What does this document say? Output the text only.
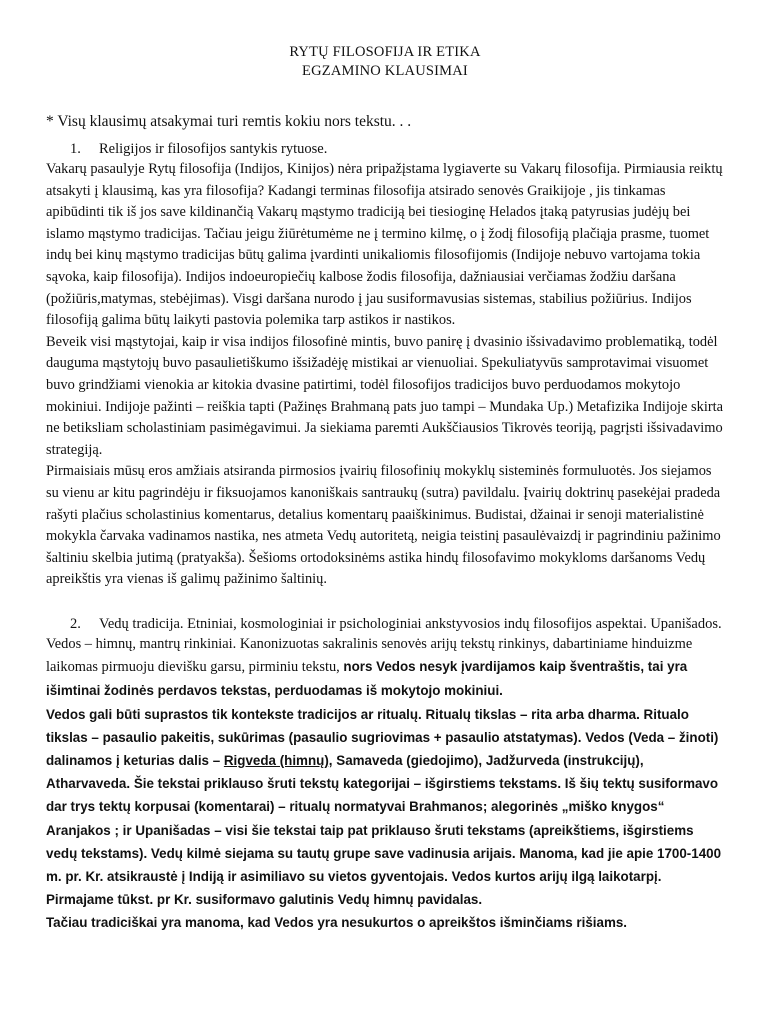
RYTŲ FILOSOFIJA IR ETIKA
EGZAMINO KLAUSIMAI
* Visų klausimų atsakymai turi remtis kokiu nors tekstu. . .
1. Religijos ir filosofijos santykis rytuose.

Vakarų pasaulyje Rytų filosofija (Indijos, Kinijos) nėra pripažįstama lygiaverte su Vakarų filosofija. Pirmiausia reiktų atsakyti į klausimą, kas yra filosofija? Kadangi terminas filosofija atsirado senovės Graikijoje , jis tinkamas apibūdinti tik iš jos save kildinančią Vakarų mąstymo tradiciją bei tiesioginę Helados įtaką patyrusias judėjų bei islamo mąstymo tradicijas. Tačiau jeigu žiūrėtumėme ne į termino kilmę, o į žodį filosofiją plačiąja prasme, tuomet indų bei kinų mąstymo tradicijas būtų galima įvardinti unikaliomis filosofijomis (Indijoje nebuvo vartojama tokia sąvoka, kaip filosofija). Indijos indoeuropiečių kalbose žodis filosofija, dažniausiai verčiamas žodžiu daršana (požiūris,matymas, stebėjimas). Visgi daršana nurodo į jau susiformavusias sistemas, stabilius požiūrius. Indijos filosofiją galima būtų laikyti pastovia polemika tarp astikos ir nastikos.

Beveik visi mąstytojai, kaip ir visa indijos filosofinė mintis, buvo panirę į dvasinio išsivadavimo problematiką, todėl dauguma mąstytojų buvo pasaulietiškumo išsižadėję mistikai ar vienuoliai. Spekuliatyvūs samprotavimai visuomet buvo grindžiami vienokia ar kitokia dvasine patirtimi, todėl filosofijos tradicijos buvo perduodamos mokytojo mokiniui. Indijoje pažinti – reiškia tapti (Pažinęs Brahmaną pats juo tampi – Mundaka Up.) Metafizika Indijoje skirta ne betiksliam scholastiniam pasimėgavimui. Ja siekiama paremti Aukščiausios Tikrovės teoriją, pagrįsti išsivadavimo strategiją.

Pirmaisiais mūsų eros amžiais atsiranda pirmosios įvairių filosofinių mokyklų sisteminės formuluotės. Jos siejamos su vienu ar kitu pagrindėju ir fiksuojamos kanoniškais santraukų (sutra) pavildalu. Įvairių doktrinų pasekėjai pradeda rašyti plačius scholastinius komentarus, detalius komentarų paaiškinimus. Budistai, džainai ir senoji materialistinė mokykla čarvaka vadinamos nastika, nes atmeta Vedų autoritetą, neigia teistinį pasaulėvaizdį ir pagrindiniu pažinimo šaltiniu skelbia jutimą (pratyakša). Šešioms ortodoksinėms astika hindų filosofavimo mokykloms daršanoms Vedų apreikštis yra vienas iš galimų pažinimo šaltinių.

2. Vedų tradicija. Etniniai, kosmologiniai ir psichologiniai ankstyvosios indų filosofijos aspektai. Upanišados.

Vedos – himnų, mantrų rinkiniai. Kanonizuotas sakralinis senovės arijų tekstų rinkinys, dabartiniame hinduizme laikomas pirmuoju dievišku garsu, pirminiu tekstu, nors Vedos nesyk įvardijamos kaip šventraštis, tai yra išimtinai žodinės perdavos tekstas, perduodamas iš mokytojo mokiniui.

Vedos gali būti suprastos tik kontekste tradicijos ar ritualų. Ritualų tikslas – rita arba dharma. Ritualo tikslas – pasaulio pakeitis, sukūrimas (pasaulio sugriovimas + pasaulio atstatymas). Vedos (Veda – žinoti) dalinamos į keturias dalis – Rigveda (himnų), Samaveda (giedojimo), Jadžurveda (instrukcijų), Atharvaveda. Šie tekstai priklauso šruti tekstų kategorijai – išgirstiems tekstams. Iš šių tektų susiformavo dar trys tektų korpusai (komentarai) – ritualų normatyvai Brahmanos; alegorinės „miško knygos“ Aranjakos ; ir Upanišadas – visi šie tekstai taip pat priklauso šruti tekstams (apreikštiems, išgirstiems vedų tekstams). Vedų kilmė siejama su tautų grupe save vadinusia arijais. Manoma, kad jie apie 1700-1400 m. pr. Kr. atsikraustė į Indiją ir asimiliavo su vietos gyventojais. Vedos kurtos arijų ilgą laikotarpį. Pirmajame tūkst. pr Kr. susiformavo galutinis Vedų himnų pavidalas.
Tačiau tradiciškai yra manoma, kad Vedos yra nesukurtos o apreikštos išminčiams rišiams.
